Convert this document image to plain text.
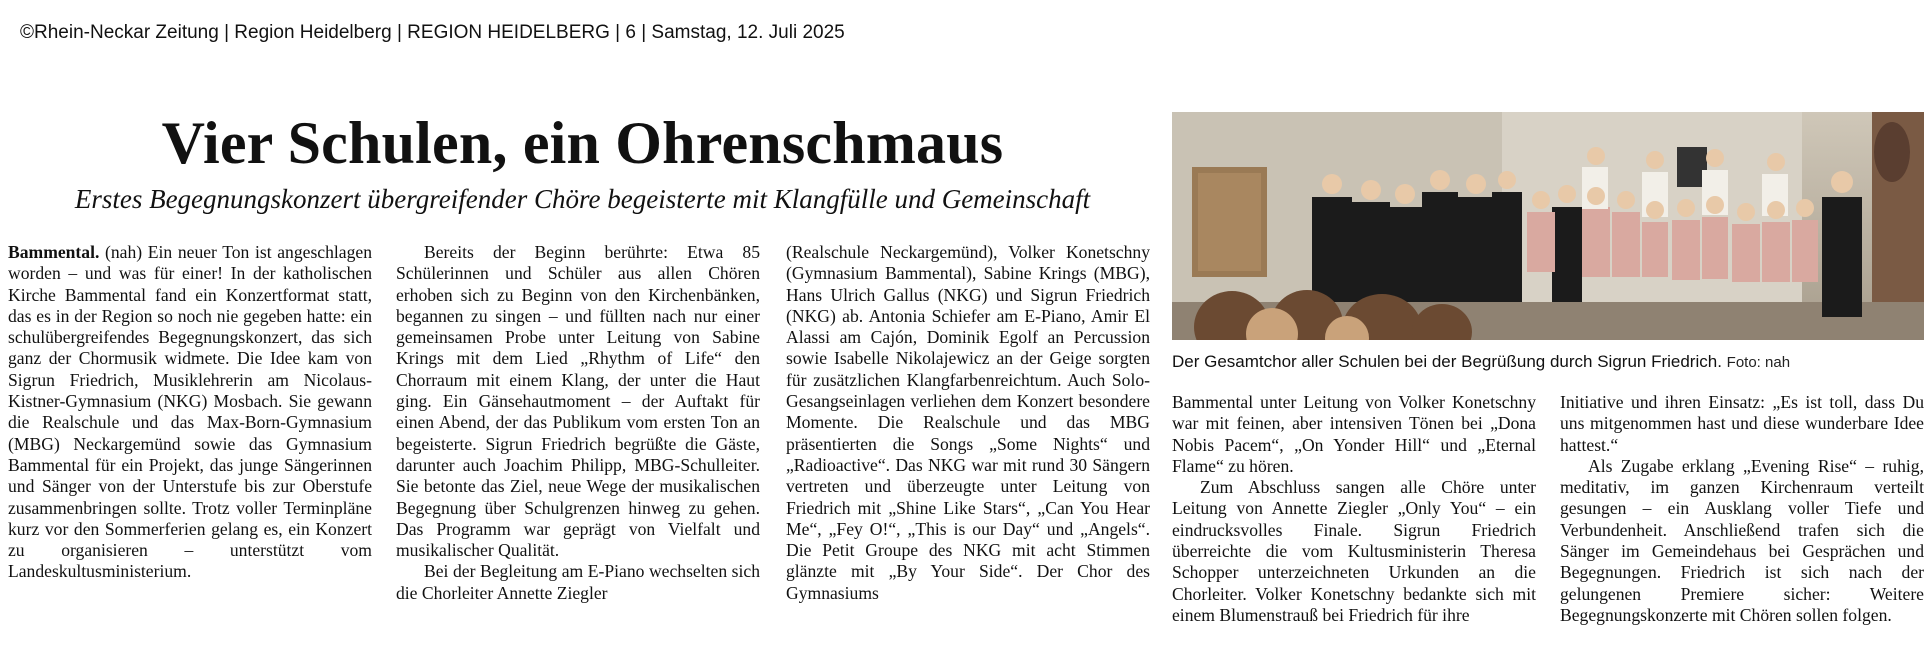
©Rhein-Neckar Zeitung | Region Heidelberg | REGION HEIDELBERG | 6 | Samstag, 12. Juli 2025
Vier Schulen, ein Ohrenschmaus
Erstes Begegnungskonzert übergreifender Chöre begeisterte mit Klangfülle und Gemeinschaft

Bammental. (nah) Ein neuer Ton ist angeschlagen worden – und was für einer! In der katholischen Kirche Bammental fand ein Konzertformat statt, das es in der Region so noch nie gegeben hatte: ein schulübergreifendes Begegnungskonzert, das sich ganz der Chormusik widmete. Die Idee kam von Sigrun Friedrich, Musiklehrerin am Nicolaus-Kistner-Gymnasium (NKG) Mosbach. Sie gewann die Realschule und das Max-Born-Gymnasium (MBG) Neckargemünd sowie das Gymnasium Bammental für ein Projekt, das junge Sängerinnen und Sänger von der Unterstufe bis zur Oberstufe zusammenbringen sollte. Trotz voller Terminpläne kurz vor den Sommerferien gelang es, ein Konzert zu organisieren – unterstützt vom Landeskultusministerium.

Bereits der Beginn berührte: Etwa 85 Schülerinnen und Schüler aus allen Chören erhoben sich zu Beginn von den Kirchenbänken, begannen zu singen – und füllten nach nur einer gemeinsamen Probe unter Leitung von Sabine Krings mit dem Lied „Rhythm of Life“ den Chorraum mit einem Klang, der unter die Haut ging. Ein Gänsehautmoment – der Auftakt für einen Abend, der das Publikum vom ersten Ton an begeisterte. Sigrun Friedrich begrüßte die Gäste, darunter auch Joachim Philipp, MBG-Schulleiter. Sie betonte das Ziel, neue Wege der musikalischen Begegnung über Schulgrenzen hinweg zu gehen. Das Programm war geprägt von Vielfalt und musikalischer Qualität.

Bei der Begleitung am E-Piano wechselten sich die Chorleiter Annette Ziegler

(Realschule Neckargemünd), Volker Konetschny (Gymnasium Bammental), Sabine Krings (MBG), Hans Ulrich Gallus (NKG) und Sigrun Friedrich (NKG) ab. Antonia Schiefer am E-Piano, Amir El Alassi am Cajón, Dominik Egolf an Percussion sowie Isabelle Nikolajewicz an der Geige sorgten für zusätzlichen Klangfarbenreichtum. Auch Solo-Gesangseinlagen verliehen dem Konzert besondere Momente. Die Realschule und das MBG präsentierten die Songs „Some Nights“ und „Radioactive“. Das NKG war mit rund 30 Sängern vertreten und überzeugte unter Leitung von Friedrich mit „Shine Like Stars“, „Can You Hear Me“, „Fey O!“, „This is our Day“ und „Angels“. Die Petit Groupe des NKG mit acht Stimmen glänzte mit „By Your Side“. Der Chor des Gymnasiums

Der Gesamtchor aller Schulen bei der Begrüßung durch Sigrun Friedrich. Foto: nah

Bammental unter Leitung von Volker Konetschny war mit feinen, aber intensiven Tönen bei „Dona Nobis Pacem“, „On Yonder Hill“ und „Eternal Flame“ zu hören.

Zum Abschluss sangen alle Chöre unter Leitung von Annette Ziegler „Only You“ – ein eindrucksvolles Finale. Sigrun Friedrich überreichte die vom Kultusministerin Theresa Schopper unterzeichneten Urkunden an die Chorleiter. Volker Konetschny bedankte sich mit einem Blumenstrauß bei Friedrich für ihre

Initiative und ihren Einsatz: „Es ist toll, dass Du uns mitgenommen hast und diese wunderbare Idee hattest.“

Als Zugabe erklang „Evening Rise“ – ruhig, meditativ, im ganzen Kirchenraum verteilt gesungen – ein Ausklang voller Tiefe und Verbundenheit. Anschließend trafen sich die Sänger im Gemeindehaus bei Gesprächen und Begegnungen. Friedrich ist sich nach der gelungenen Premiere sicher: Weitere Begegnungskonzerte mit Chören sollen folgen.
